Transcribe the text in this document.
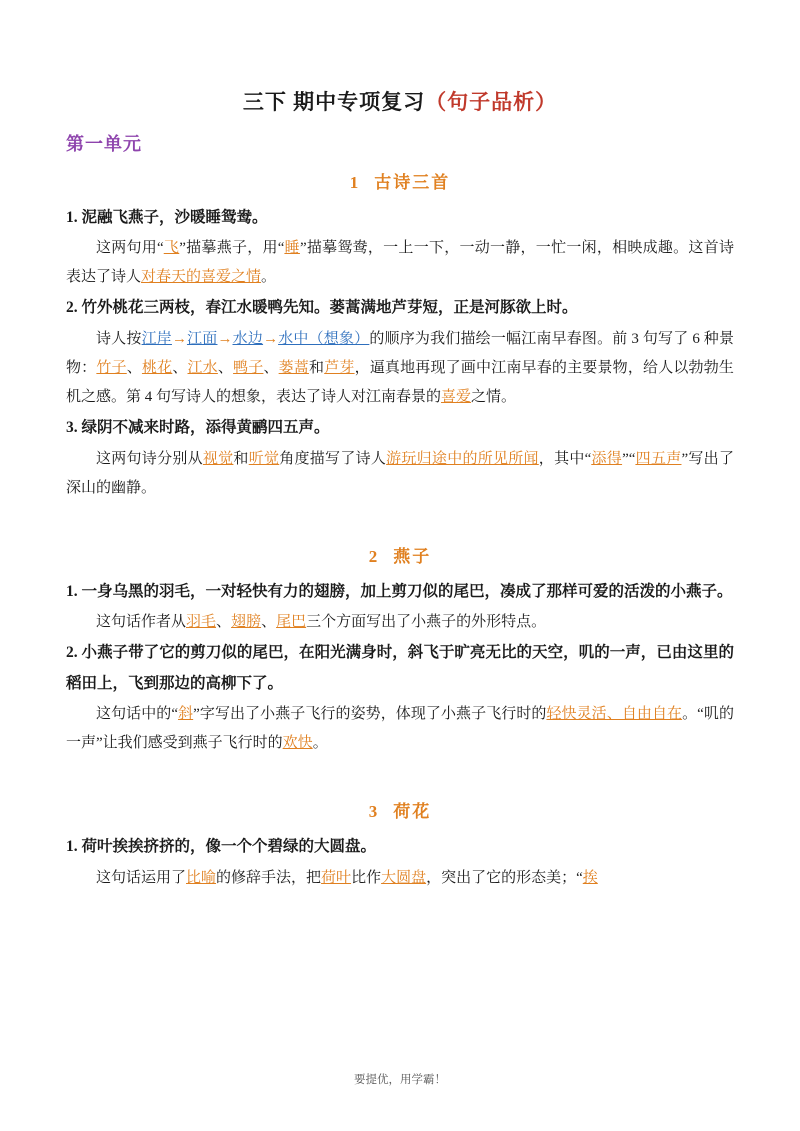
三下 期中专项复习（句子品析）
第一单元
1 古诗三首

1. 泥融飞燕子，沙暖睡鸳鸯。

这两句用“飞”描摹燕子，用“睡”描摹鸳鸯，一上一下，一动一静，一忙一闲，相映成趣。这首诗表达了诗人对春天的喜爱之情。

2. 竹外桃花三两枝，春江水暖鸭先知。蒌蒿满地芦芽短，正是河豚欲上时。

诗人按江岸→江面→水边→水中（想象）的顺序为我们描绘一幅江南早春图。前 3 句写了 6 种景物：竹子、桃花、江水、鸭子、蒌蒿和芦芽，逼真地再现了画中江南早春的主要景物，给人以勃勃生机之感。第 4 句写诗人的想象，表达了诗人对江南春景的喜爱之情。

3. 绿阴不减来时路，添得黄鹂四五声。

这两句诗分别从视觉和听觉角度描写了诗人游玩归途中的所见所闻，其中“添得”“四五声”写出了深山的幽静。

2 燕子

1. 一身乌黑的羽毛，一对轻快有力的翅膀，加上剪刀似的尾巴，凑成了那样可爱的活泼的小燕子。

这句话作者从羽毛、翅膀、尾巴三个方面写出了小燕子的外形特点。

2. 小燕子带了它的剪刀似的尾巴，在阳光满身时，斜飞于旷亮无比的天空，叽的一声，已由这里的稻田上，飞到那边的高柳下了。

这句话中的“斜”字写出了小燕子飞行的姿势，体现了小燕子飞行时的轻快灵活、自由自在。“叽的一声”让我们感受到燕子飞行时的欢快。

3 荷花

1. 荷叶挨挨挤挤的，像一个个碧绿的大圆盘。

这句话运用了比喻的修辞手法，把荷叶比作大圆盘，突出了它的形态美；“挨

要提优，用学霸！
